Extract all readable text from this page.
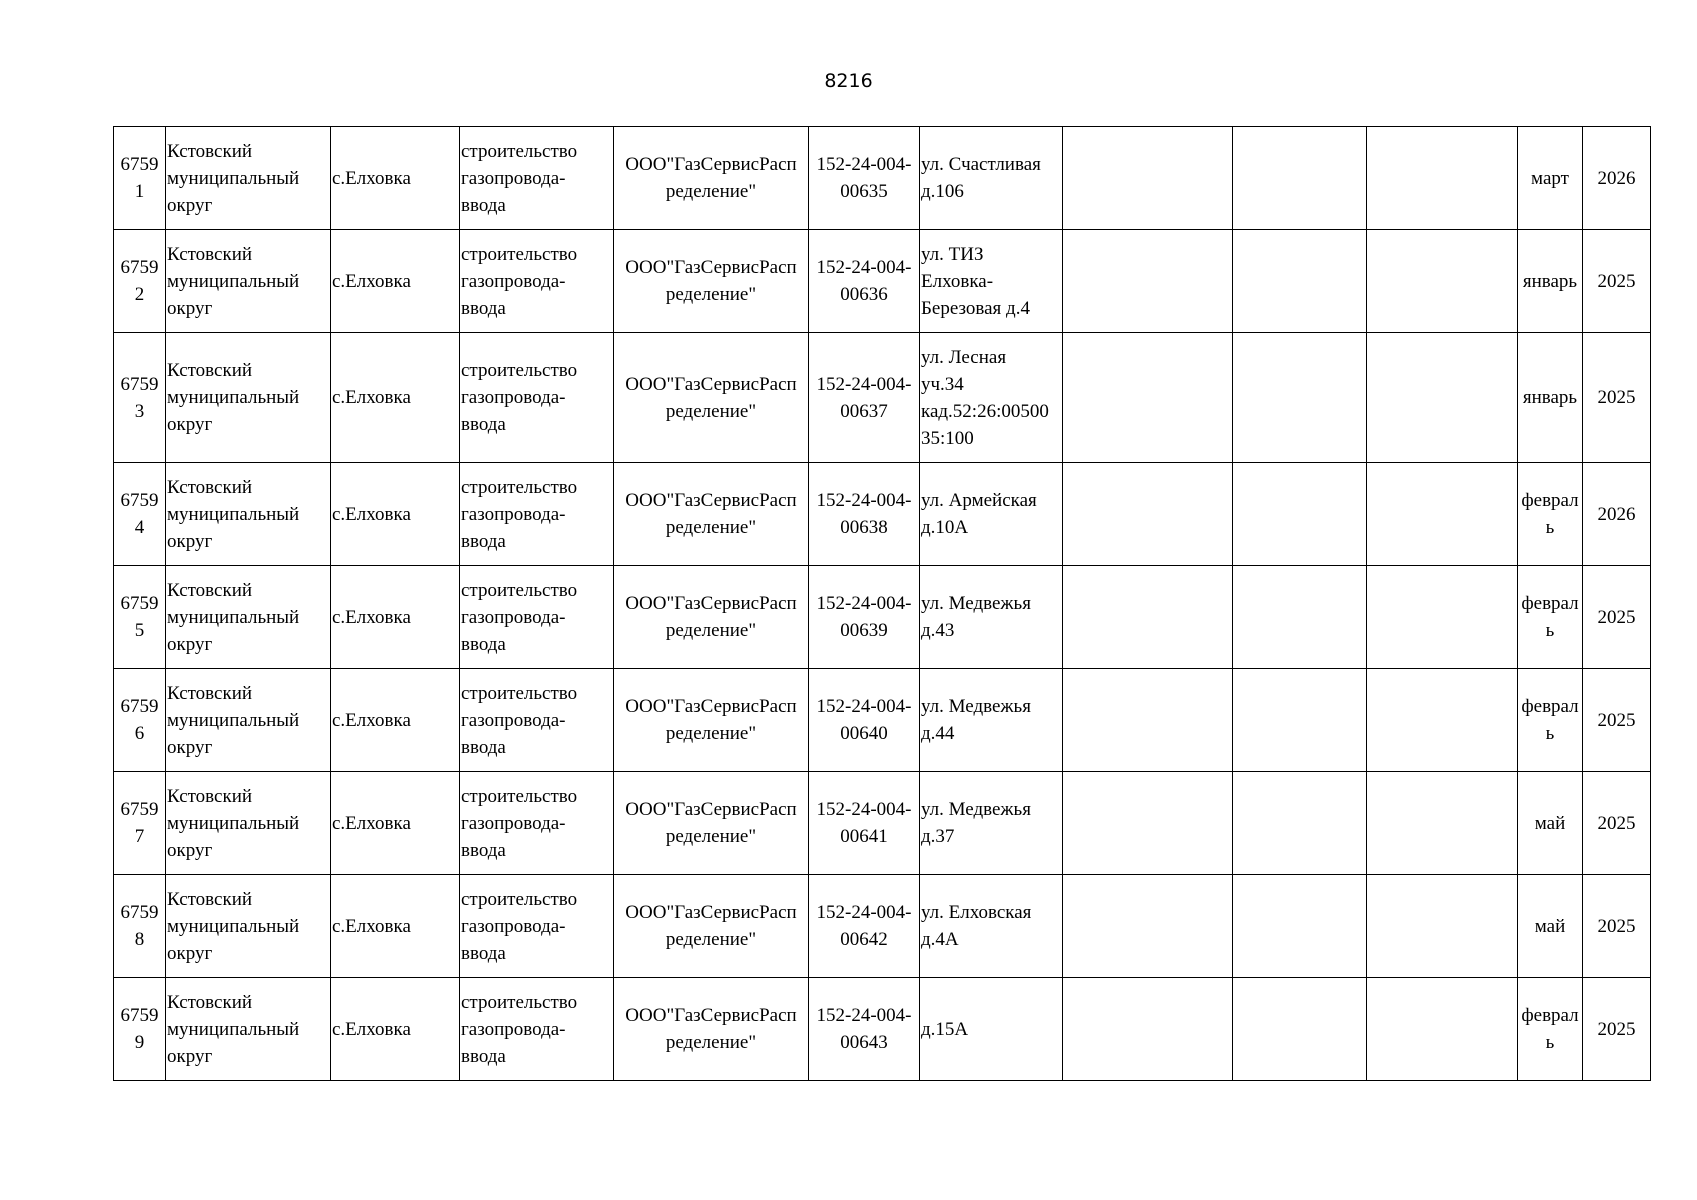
8216
6759
1	Кстовский
муниципальный
округ	с.Елховка	строительство
газопровода-
ввода	ООО"ГазСервисРасп
ределение"	152-24-004-
00635	ул. Счастливая
д.106				март	2026
6759
2	Кстовский
муниципальный
округ	с.Елховка	строительство
газопровода-
ввода	ООО"ГазСервисРасп
ределение"	152-24-004-
00636	ул. ТИЗ
Елховка-
Березовая д.4				январь	2025
6759
3	Кстовский
муниципальный
округ	с.Елховка	строительство
газопровода-
ввода	ООО"ГазСервисРасп
ределение"	152-24-004-
00637	ул. Лесная
уч.34
кад.52:26:00500
35:100				январь	2025
6759
4	Кстовский
муниципальный
округ	с.Елховка	строительство
газопровода-
ввода	ООО"ГазСервисРасп
ределение"	152-24-004-
00638	ул. Армейская
д.10А				феврал
ь	2026
6759
5	Кстовский
муниципальный
округ	с.Елховка	строительство
газопровода-
ввода	ООО"ГазСервисРасп
ределение"	152-24-004-
00639	ул. Медвежья
д.43				феврал
ь	2025
6759
6	Кстовский
муниципальный
округ	с.Елховка	строительство
газопровода-
ввода	ООО"ГазСервисРасп
ределение"	152-24-004-
00640	ул. Медвежья
д.44				феврал
ь	2025
6759
7	Кстовский
муниципальный
округ	с.Елховка	строительство
газопровода-
ввода	ООО"ГазСервисРасп
ределение"	152-24-004-
00641	ул. Медвежья
д.37				май	2025
6759
8	Кстовский
муниципальный
округ	с.Елховка	строительство
газопровода-
ввода	ООО"ГазСервисРасп
ределение"	152-24-004-
00642	ул. Елховская
д.4А				май	2025
6759
9	Кстовский
муниципальный
округ	с.Елховка	строительство
газопровода-
ввода	ООО"ГазСервисРасп
ределение"	152-24-004-
00643	д.15А				феврал
ь	2025
